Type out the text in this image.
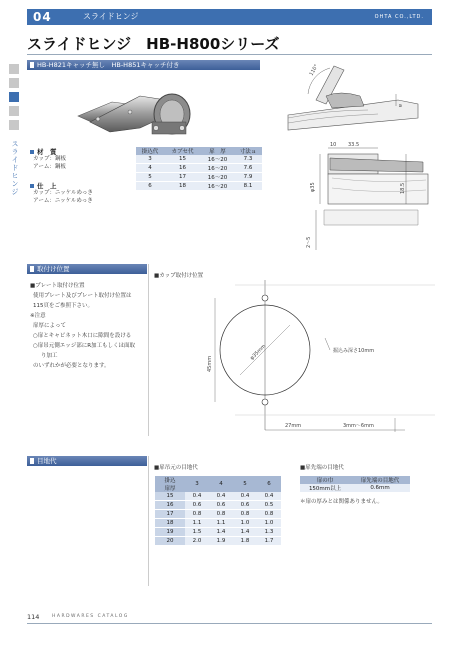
04	スライドヒンジ	OHTA CO.,LTD.
スライドヒンジ　HB-H800シリーズ
スライドヒンジ
HB-H821キャッチ無し　HB-H851キャッチ付き
材　質
カップ：鋼板
アーム：鋼板
仕　上
カップ：ニッケルめっき
アーム：ニッケルめっき
掛込代	カブセ代	扉　厚	寸法ａ
3	15	16～20	7.3
4	16	16～20	7.6
5	17	16～20	7.9
6	18	16～20	8.1
110°
a
10 33.5
φ35	18.5
2～5
取付け位置
■プレート取付け位置
使用プレート及びプレート取付け位置は
115頁をご参照下さい。
※注意
扉厚によって
○扉とキャビネット木口に隙間を設ける
○扉吊元側エッジ部にR加工もしくは面取
り加工
のいずれかが必要となります。
■カップ取付け位置
φ35mm
45mm
掘込み深さ10mm
27mm	3mm～6mm
目地代
■扉吊元の目地代
掛込
扉厚	3	4	5	6

15	0.4	0.4	0.4	0.4
16	0.6	0.6	0.6	0.5
17	0.8	0.8	0.8	0.8
18	1.1	1.1	1.0	1.0
19	1.5	1.4	1.4	1.3
20	2.0	1.9	1.8	1.7
■扉先端の目地代
扉の巾	扉先端の目地代
150mm以上	0.6mm
＊扉の厚みとは関係ありません。
114	HARDWARES CATALOG
